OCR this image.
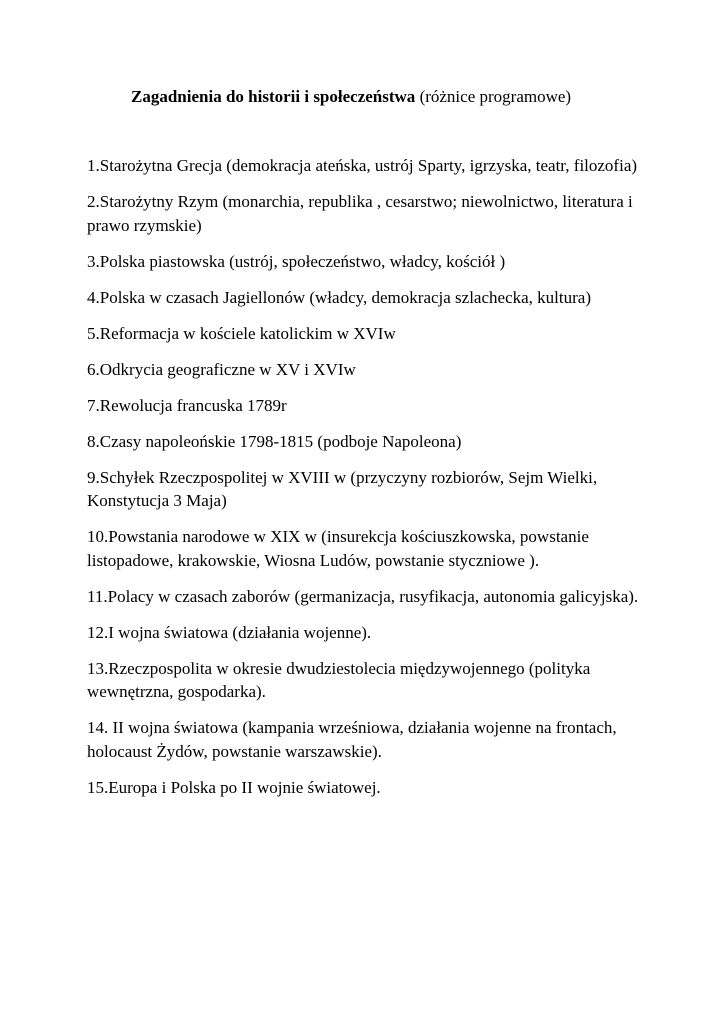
Zagadnienia do historii i społeczeństwa (różnice programowe)

1.Starożytna Grecja (demokracja ateńska, ustrój Sparty, igrzyska, teatr, filozofia)

2.Starożytny Rzym (monarchia, republika , cesarstwo; niewolnictwo, literatura i prawo rzymskie)

3.Polska piastowska (ustrój, społeczeństwo, władcy, kościół )

4.Polska w czasach Jagiellonów (władcy, demokracja szlachecka, kultura)

5.Reformacja w kościele katolickim w XVIw

6.Odkrycia geograficzne w XV i XVIw

7.Rewolucja francuska 1789r

8.Czasy napoleońskie 1798-1815 (podboje Napoleona)

9.Schyłek Rzeczpospolitej w XVIII w (przyczyny rozbiorów, Sejm Wielki, Konstytucja 3 Maja)

10.Powstania narodowe w XIX w (insurekcja kościuszkowska, powstanie listopadowe, krakowskie, Wiosna Ludów, powstanie styczniowe ).

11.Polacy w czasach zaborów (germanizacja, rusyfikacja, autonomia galicyjska).

12.I wojna światowa (działania wojenne).

13.Rzeczpospolita w okresie dwudziestolecia międzywojennego (polityka wewnętrzna, gospodarka).

14. II wojna światowa (kampania wrześniowa, działania wojenne na frontach, holocaust Żydów, powstanie warszawskie).

15.Europa i Polska po II wojnie światowej.
